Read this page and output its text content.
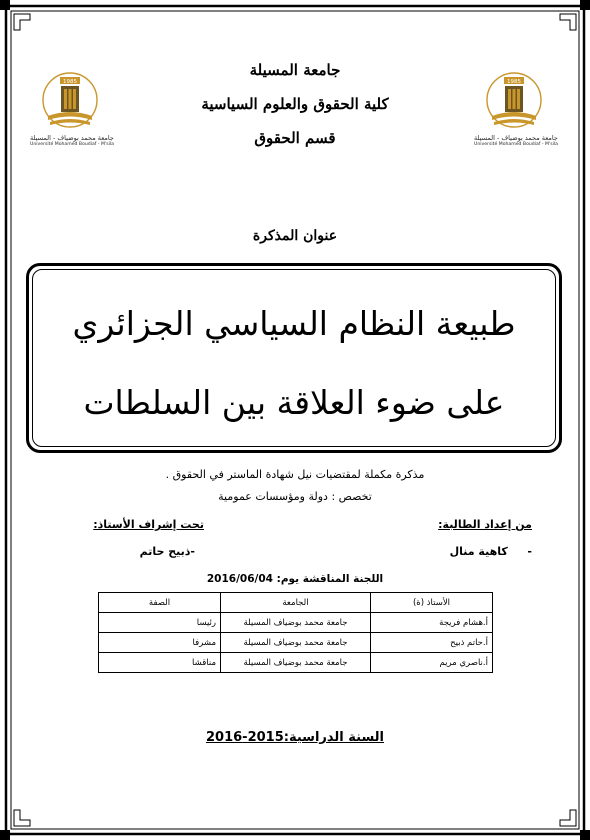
1985
جامعة محمد بوضياف - المسيلة
Université Mohamed Boudiaf - M'sila
1985
جامعة محمد بوضياف - المسيلة
Université Mohamed Boudiaf - M'sila
جامعة المسيلة
كلية الحقوق والعلوم السياسية
قسم الحقوق
عنوان المذكرة
طبيعة النظام السياسي الجزائري
على ضوء العلاقة بين السلطات
مذكرة مكملة لمقتضيات نيل شهادة الماستر في الحقوق .
تخصص : دولة ومؤسسات عمومية
من إعداد الطالبة:
-  كاهية منال
تحت إشراف الأستاذ:
-ذبيح حاتم
اللجنة المناقشة يوم: 2016/06/04
الأستاذ (ة)	الجامعة	الصفة
أ.هشام فريجة	جامعة محمد بوضياف المسيلة	رئيسا
أ.حاتم ذبيح	جامعة محمد بوضياف المسيلة	مشرفا
أ.ناصري مريم	جامعة محمد بوضياف المسيلة	مناقشا
السنة الدراسية:2015-2016
